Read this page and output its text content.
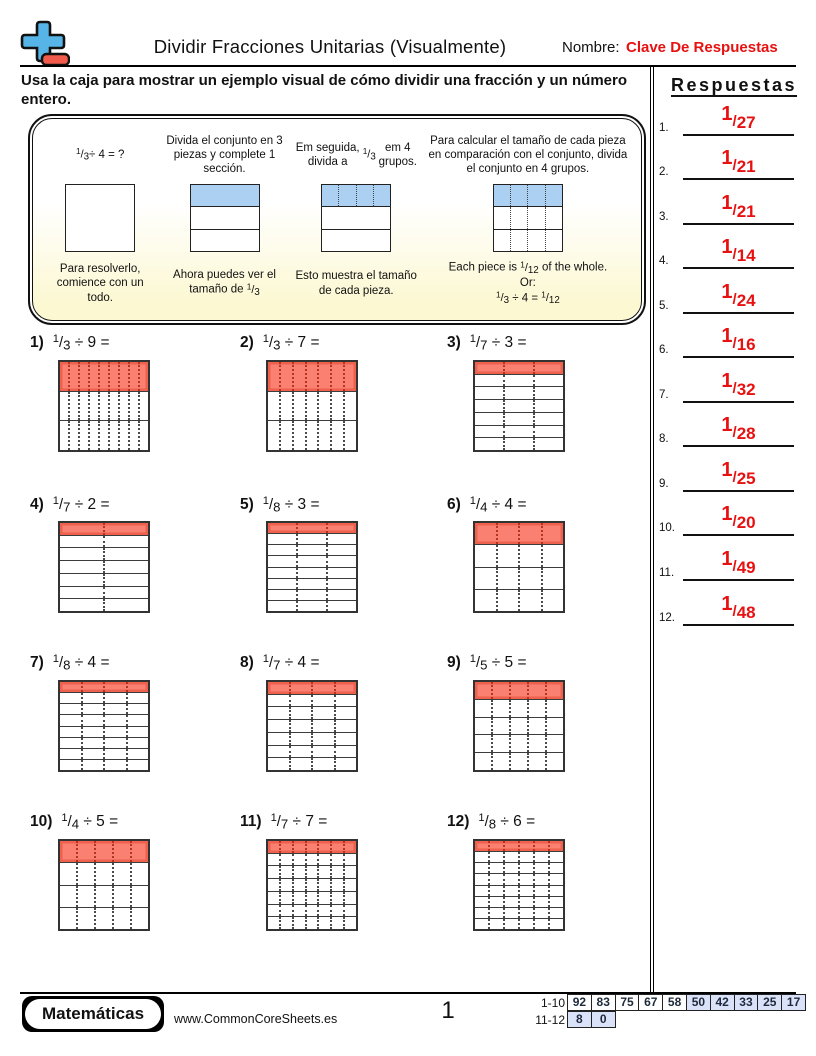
Dividir Fracciones Unitarias (Visualmente)	Nombre: Clave De Respuestas
Usa la caja para mostrar un ejemplo visual de cómo dividir una fracción y un número entero.
$^1$/3 ÷ 4 = ?
Para resolverlo, comience con un todo.
Divida el conjunto en 3 piezas y complete 1 sección.
Ahora puedes ver el tamaño de $^1$/3
Em seguida, divida a
$^1$/3
em 4 grupos.
Esto muestra el tamaño de cada pieza.
Para calcular el tamaño de cada pieza en comparación con el conjunto, divida el conjunto en 4 grupos.
Each piece is $^1$/12 of the whole.
Or:
$^1$/3 ÷ 4 = $^1$/12
1) $^1$/3 ÷ 9 =	2) $^1$/3 ÷ 7 =	3) $^1$/7 ÷ 3 =
4) $^1$/7 ÷ 2 =	5) $^1$/8 ÷ 3 =	6) $^1$/4 ÷ 4 =
7) $^1$/8 ÷ 4 =	8) $^1$/7 ÷ 4 =	9) $^1$/5 ÷ 5 =
10) $^1$/4 ÷ 5 =	11) $^1$/7 ÷ 7 =	12) $^1$/8 ÷ 6 =
Respuestas
1.
1/27
2.
1/21
3.
1/21
4.
1/14
5.
1/24
6.
1/16
7.
1/32
8.
1/28
9.
1/25
10.
1/20
11.
1/49
12.
1/48
Matemáticas	www.CommonCoreSheets.es	1	1-10 92 83 75 67 58 50 42 33 25 17
11-12 8	0
